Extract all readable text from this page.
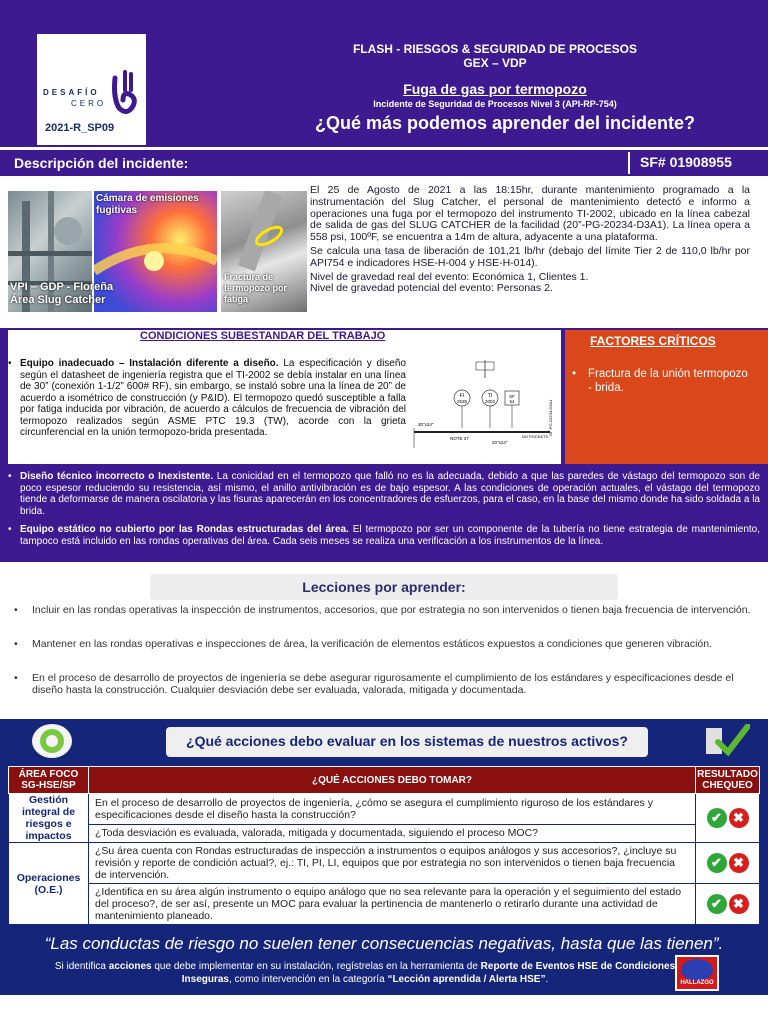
DESAFÍO
CERO
2021-R_SP09
FLASH - RIESGOS & SEGURIDAD DE PROCESOS
GEX – VDP
Fuga de gas por termopozo
Incidente de Seguridad de Procesos Nivel 3 (API-RP-754)
¿Qué más podemos aprender del incidente?
Descripción del incidente:	SF# 01908955
VPI – GDP - Floreña Área Slug Catcher
Cámara de emisiones fugitivas
Fractura de termopozo por fatiga

El 25 de Agosto de 2021 a las 18:15hr, durante mantenimiento programado a la instrumentación del Slug Catcher, el personal de mantenimiento detectó e informo a operaciones una fuga por el termopozo del instrumento TI-2002, ubicado en la línea cabezal de salida de gas del SLUG CATCHER de la facilidad (20”-PG-20234-D3A1). La línea opera a 558 psi, 100ºF, se encuentra a 14m de altura, adyacente a una plataforma.

Se calcula una tasa de liberación de 101,21 lb/hr (debajo del límite Tier 2 de 110,0 lb/hr por API754 e indicadores HSE-H-004 y HSE-H-014).

Nivel de gravedad real del evento: Económica 1, Clientes 1.

Nivel de gravedad potencial del evento: Personas 2.

CONDICIONES SUBESTANDAR DEL TRABAJO	FACTORES CRÍTICOS
•	Fractura de la unión termopozo - brida.
• Equipo inadecuado – Instalación diferente a diseño. La especificación y diseño según el datasheet de ingeniería registra que el TI-2002 se debía instalar en una línea de 30” (conexión 1-1/2” 600# RF), sin embargo, se instaló sobre una la línea de 20” de acuerdo a isométrico de construcción (y P&ID). El termopozo quedó susceptible a falla por fatiga inducida por vibración, de acuerdo a cálculos de frecuencia de vibración del termopozo realizados según ASME PTC 19.3 (TW), acorde con la grieta circunferencial en la unión termopozo-brida presentada.
FI
2535
TI
2002
SF
54
30"x24"
20"x24"
NOTE 37	NO POCKETS
20"-PG-20234-D3A1
• Diseño técnico incorrecto o Inexistente. La conicidad en el termopozo que falló no es la adecuada, debido a que las paredes de vástago del termopozo son de poco espesor reduciendo su resistencia, así mismo, el anillo antivibración es de bajo espesor. A las condiciones de operación actuales, el vástago del termopozo tiende a deformarse de manera oscilatoria y las fisuras aparecerán en los concentradores de esfuerzos, para el caso, en la base del mismo donde ha sido soldada a la brida.
• Equipo estático no cubierto por las Rondas estructuradas del área. El termopozo por ser un componente de la tubería no tiene estrategia de mantenimiento, tampoco está incluido en las rondas operativas del área. Cada seis meses se realiza una verificación a los instrumentos de la línea.
Lecciones por aprender:
• Incluir en las rondas operativas la inspección de instrumentos, accesorios, que por estrategia no son intervenidos o tienen baja frecuencia de intervención.
• Mantener en las rondas operativas e inspecciones de área, la verificación de elementos estáticos expuestos a condiciones que generen vibración.
• En el proceso de desarrollo de proyectos de ingeniería se debe asegurar rigurosamente el cumplimiento de los estándares y especificaciones desde el diseño hasta la construcción. Cualquier desviación debe ser evaluada, valorada, mitigada y documentada.
¿Qué acciones debo evaluar en los sistemas de nuestros activos?
ÁREA FOCO SG-HSE/SP	¿QUÉ ACCIONES DEBO TOMAR?	RESULTADO CHEQUEO
Gestión integral de riesgos e impactos	En el proceso de desarrollo de proyectos de ingeniería, ¿cómo se asegura el cumplimiento riguroso de los estándares y especificaciones desde el diseño hasta la construcción?	✔ ✖
	¿Toda desviación es evaluada, valorada, mitigada y documentada, siguiendo el proceso MOC?	
Operaciones (O.E.)	¿Su área cuenta con Rondas estructuradas de inspección a instrumentos o equipos análogos y sus accesorios?, ¿incluye su revisión y reporte de condición actual?, ej.: TI, PI, LI, equipos que por estrategia no son intervenidos o tienen baja frecuencia de intervención.	✔ ✖
	¿Identifica en su área algún instrumento o equipo análogo que no sea relevante para la operación y el seguimiento del estado del proceso?, de ser así, presente un MOC para evaluar la pertinencia de mantenerlo o retirarlo durante una actividad de mantenimiento planeado.	✔ ✖
“Las conductas de riesgo no suelen tener consecuencias negativas, hasta que las tienen”.
Si identifica acciones que debe implementar en su instalación, regístrelas en la herramienta de Reporte de Eventos HSE de Condiciones Inseguras, como intervención en la categoría “Lección aprendida / Alerta HSE”.	HALLAZGO
